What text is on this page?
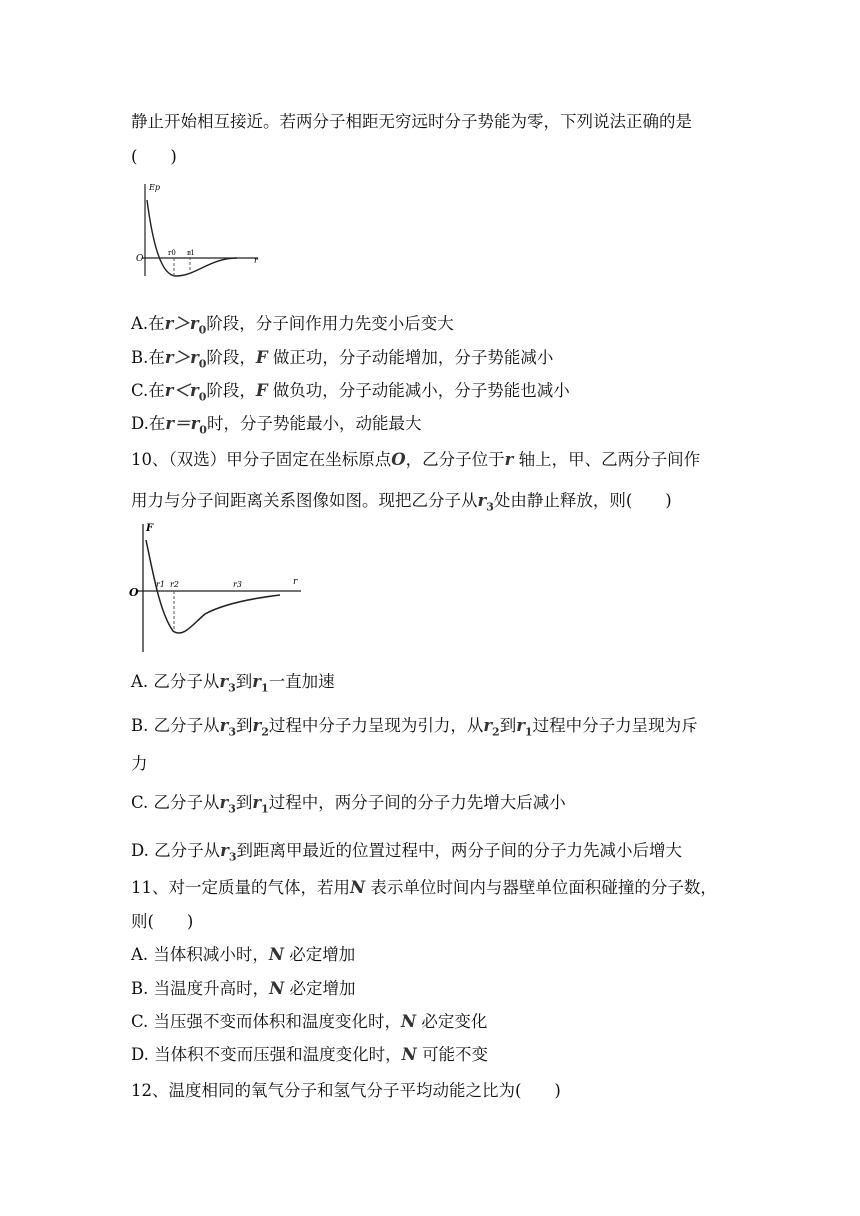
静止开始相互接近。若两分子相距无穷远时分子势能为零，下列说法正确的是
(　　)
Ep
O	r
r0 r1
A.在$r>r_0$阶段，分子间作用力先变小后变大
B.在$r>r_0$阶段，F 做正功，分子动能增加，分子势能减小
C.在$r<r_0$阶段，F 做负功，分子动能减小，分子势能也减小
D.在$r=r_0$时，分子势能最小，动能最大
10、（双选）甲分子固定在坐标原点O，乙分子位于r 轴上，甲、乙两分子间作
用力与分子间距离关系图像如图。现把乙分子从$r_3$处由静止释放，则(　　)
F
O
r
r1 r2	r3
A. 乙分子从$r_3$到$r_1$一直加速
B. 乙分子从$r_3$到$r_2$过程中分子力呈现为引力，从$r_2$到$r_1$过程中分子力呈现为斥
力
C. 乙分子从$r_3$到$r_1$过程中，两分子间的分子力先增大后减小
D. 乙分子从$r_3$到距离甲最近的位置过程中，两分子间的分子力先减小后增大
11、对一定质量的气体，若用N 表示单位时间内与器壁单位面积碰撞的分子数，
则(　　)
A. 当体积减小时，N 必定增加
B. 当温度升高时，N 必定增加
C. 当压强不变而体积和温度变化时，N 必定变化
D. 当体积不变而压强和温度变化时，N 可能不变
12、温度相同的氧气分子和氢气分子平均动能之比为(　　)
